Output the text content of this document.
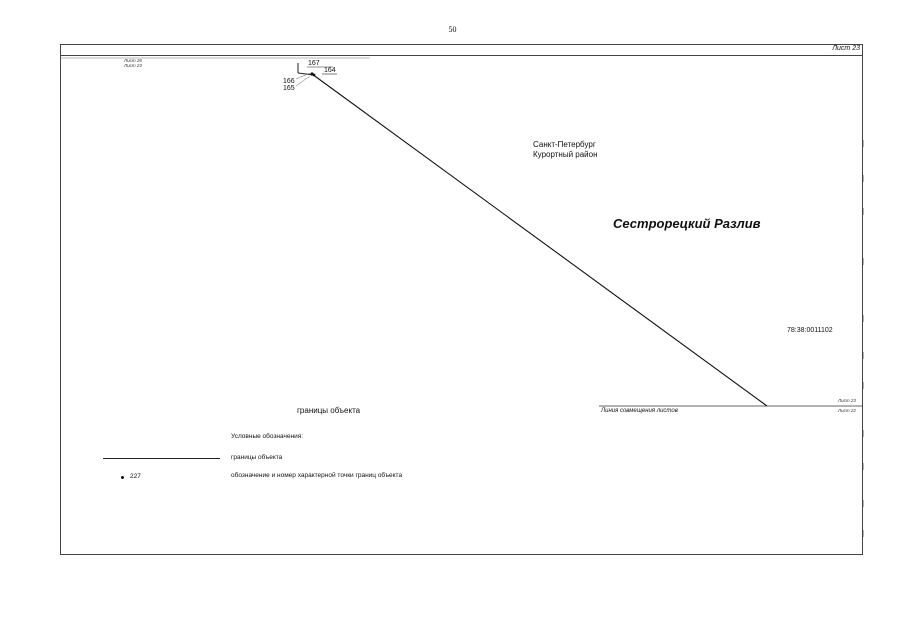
50
Лист 23
Лист 26
Лист 23	167
164
166
165
Санкт-Петербург
Курортный район
Сестрорецкий Разлив
78:38:0011102
Лист 23
Лист 22
границы объекта	Линия совмещения листов
Условные обозначения:
границы объекта
227	обозначение и номер характерной точки границ объекта
